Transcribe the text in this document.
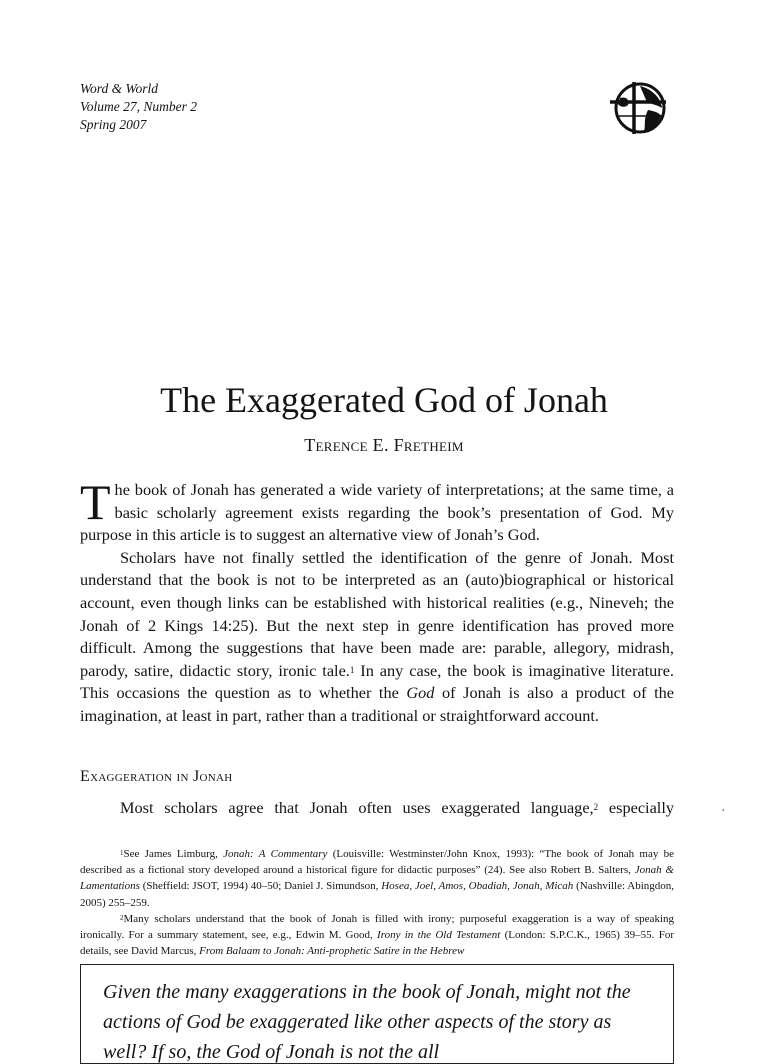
Word & World
Volume 27, Number 2
Spring 2007
The Exaggerated God of Jonah
Terence E. Fretheim

The book of Jonah has generated a wide variety of interpretations; at the same time, a basic scholarly agreement exists regarding the book’s presentation of God. My purpose in this article is to suggest an alternative view of Jonah’s God.

Scholars have not finally settled the identification of the genre of Jonah. Most understand that the book is not to be interpreted as an (auto)biographical or historical account, even though links can be established with historical realities (e.g., Nineveh; the Jonah of 2 Kings 14:25). But the next step in genre identification has proved more difficult. Among the suggestions that have been made are: parable, allegory, midrash, parody, satire, didactic story, ironic tale.$^1$ In any case, the book is imaginative literature. This occasions the question as to whether the God of Jonah is also a product of the imagination, at least in part, rather than a traditional or straightforward account.

Exaggeration in Jonah
Most scholars agree that Jonah often uses exaggerated language,$^2$ especially	·

$^1$See James Limburg, Jonah: A Commentary (Louisville: Westminster/John Knox, 1993): “The book of Jonah may be described as a fictional story developed around a historical figure for didactic purposes” (24). See also Robert B. Salters, Jonah & Lamentations (Sheffield: JSOT, 1994) 40–50; Daniel J. Simundson, Hosea, Joel, Amos, Obadiah, Jonah, Micah (Nashville: Abingdon, 2005) 255–259.

$^2$Many scholars understand that the book of Jonah is filled with irony; purposeful exaggeration is a way of speaking ironically. For a summary statement, see, e.g., Edwin M. Good, Irony in the Old Testament (London: S.P.C.K., 1965) 39–55. For details, see David Marcus, From Balaam to Jonah: Anti-prophetic Satire in the Hebrew

Given the many exaggerations in the book of Jonah, might not the actions of God be exaggerated like other aspects of the story as well? If so, the God of Jonah is not the all
